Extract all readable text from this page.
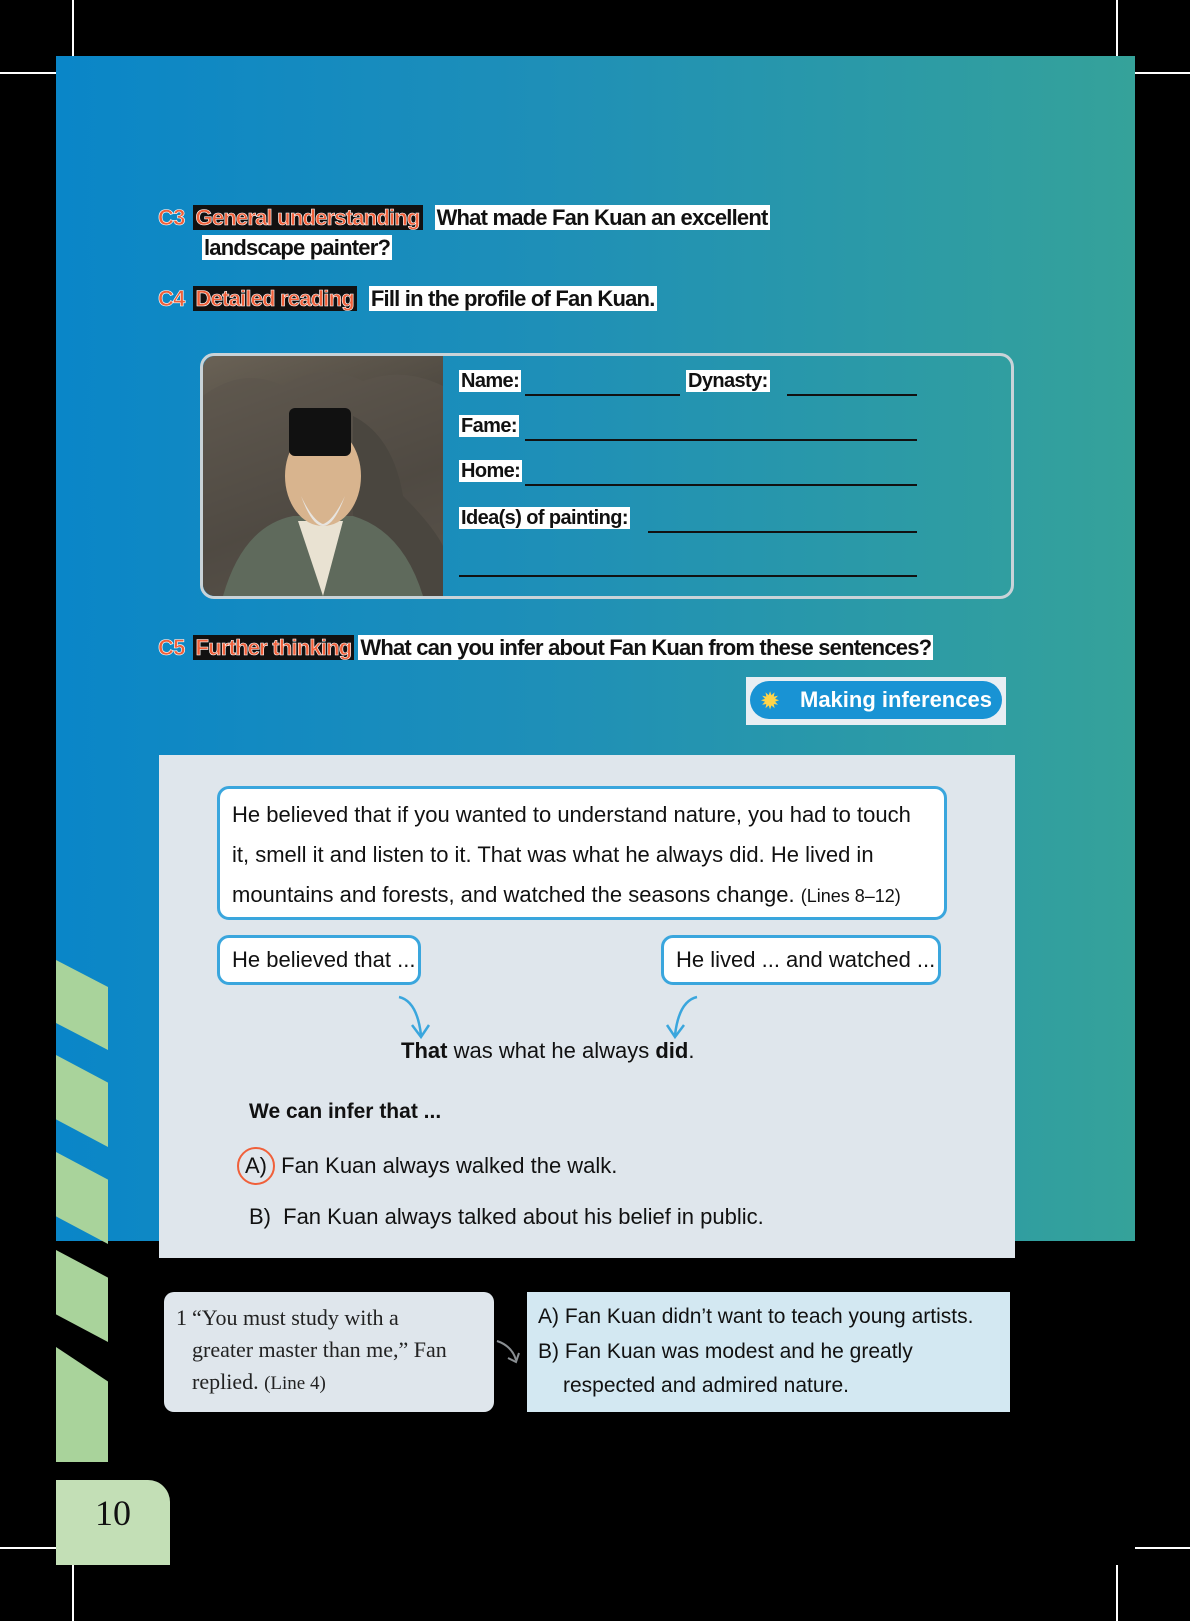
C3 General understanding What made Fan Kuan an excellent
landscape painter?
C4 Detailed reading Fill in the profile of Fan Kuan.
Name:	Dynasty:
Fame:
Home:
Idea(s) of painting:
C5 Further thinking What can you infer about Fan Kuan from these sentences?
Making inferences
✹
He believed that if you wanted to understand nature, you had to touch it, smell it and listen to it. That was what he always did. He lived in mountains and forests, and watched the seasons change. (Lines 8–12)
He believed that ...	He lived ... and watched ...
That was what he always did.
We can infer that ...
A) Fan Kuan always walked the walk.
B) Fan Kuan always talked about his belief in public.
1 “You must study with a
greater master than me,” Fan
replied. (Line 4)
A) Fan Kuan didn’t want to teach young artists.
B) Fan Kuan was modest and he greatly
respected and admired nature.
10
